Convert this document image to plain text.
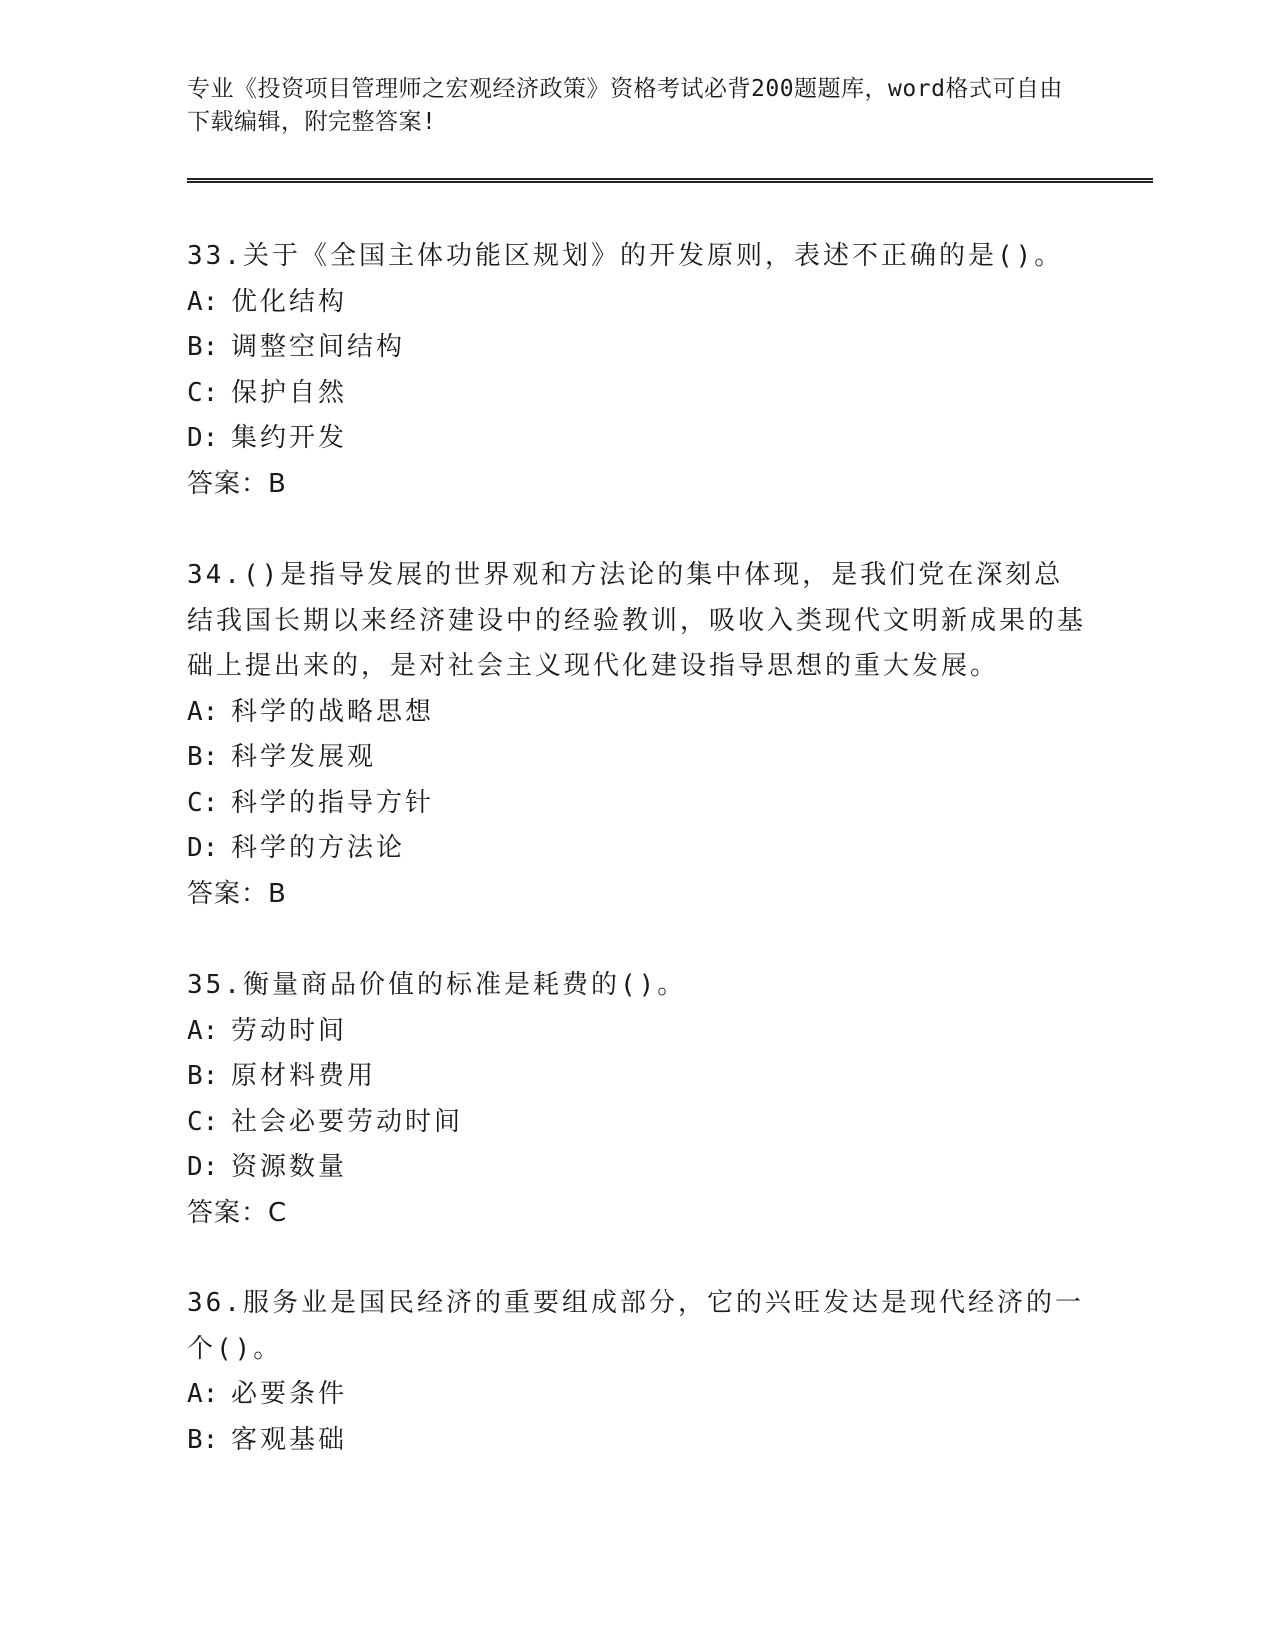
专业《投资项目管理师之宏观经济政策》资格考试必背200题题库，word格式可自由下载编辑，附完整答案!
33.关于《全国主体功能区规划》的开发原则，表述不正确的是()。
A: 优化结构
B: 调整空间结构
C: 保护自然
D: 集约开发
答案：B
34.()是指导发展的世界观和方法论的集中体现，是我们党在深刻总结我国长期以来经济建设中的经验教训，吸收入类现代文明新成果的基础上提出来的，是对社会主义现代化建设指导思想的重大发展。
A: 科学的战略思想
B: 科学发展观
C: 科学的指导方针
D: 科学的方法论
答案：B
35.衡量商品价值的标准是耗费的()。
A: 劳动时间
B: 原材料费用
C: 社会必要劳动时间
D: 资源数量
答案：C
36.服务业是国民经济的重要组成部分，它的兴旺发达是现代经济的一个()。
A: 必要条件
B: 客观基础
